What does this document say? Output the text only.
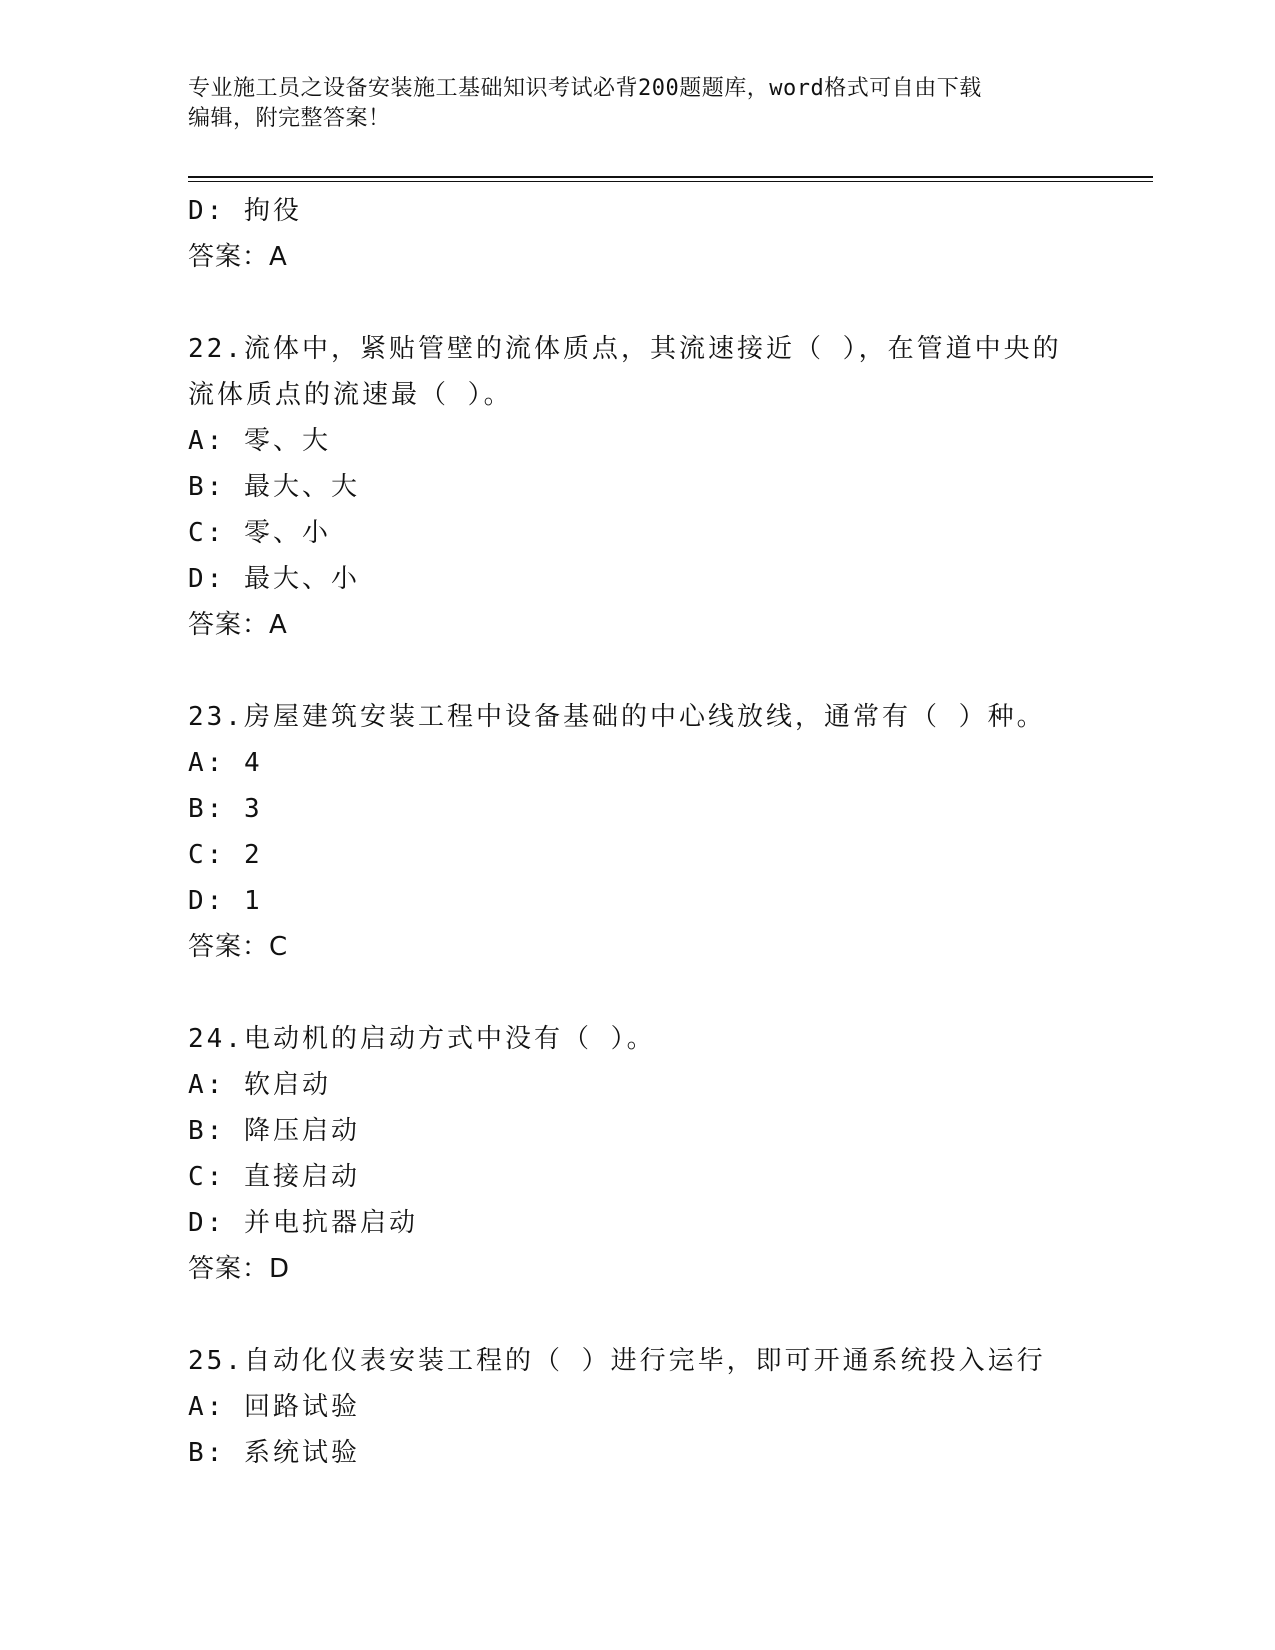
专业施工员之设备安装施工基础知识考试必背200题题库，word格式可自由下载
编辑，附完整答案！
D: 拘役
答案：A
22.流体中，紧贴管壁的流体质点，其流速接近（ ），在管道中央的
流体质点的流速最（ ）。
A: 零、大
B: 最大、大
C: 零、小
D: 最大、小
答案：A
23.房屋建筑安装工程中设备基础的中心线放线，通常有（ ）种。
A: 4
B: 3
C: 2
D: 1
答案：C
24.电动机的启动方式中没有（ ）。
A: 软启动
B: 降压启动
C: 直接启动
D: 并电抗器启动
答案：D
25.自动化仪表安装工程的（ ）进行完毕，即可开通系统投入运行
A: 回路试验
B: 系统试验
